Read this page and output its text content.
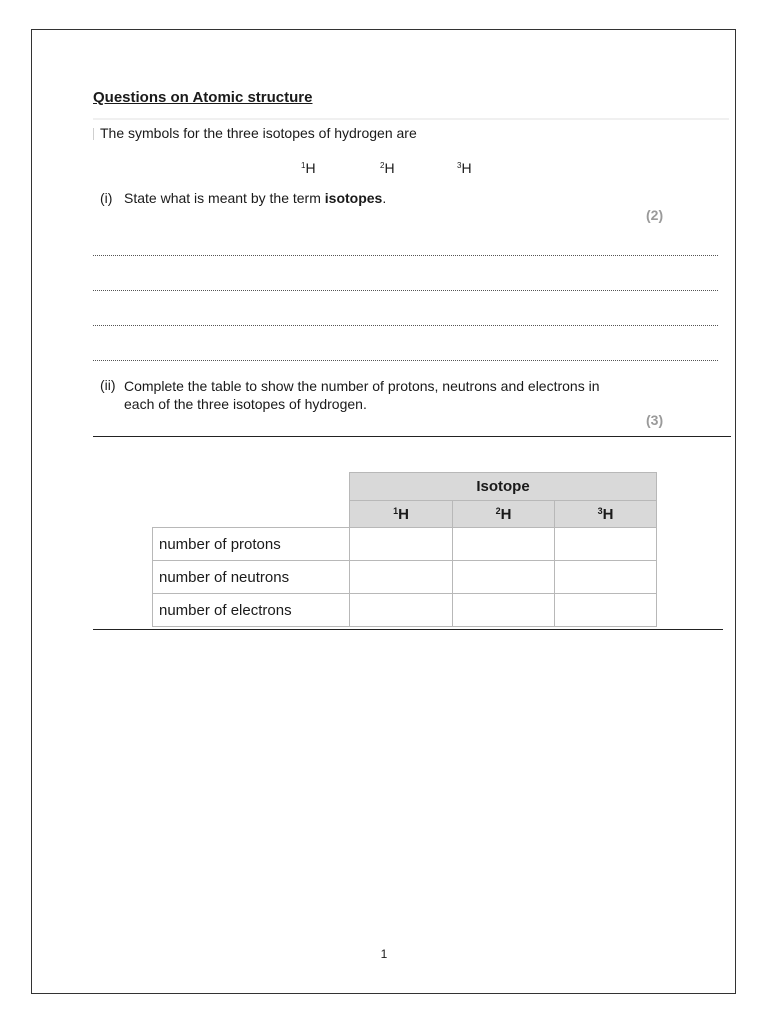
Questions on Atomic structure
The symbols for the three isotopes of hydrogen are
$^1$H	$^2$H	$^3$H
(i) State what is meant by the term isotopes.
(2)
(ii) Complete the table to show the number of protons, neutrons and electrons in
each of the three isotopes of hydrogen.
(3)
	Isotope		
	$^1$H	$^2$H	$^3$H
number of protons			
number of neutrons			
number of electrons			
1
